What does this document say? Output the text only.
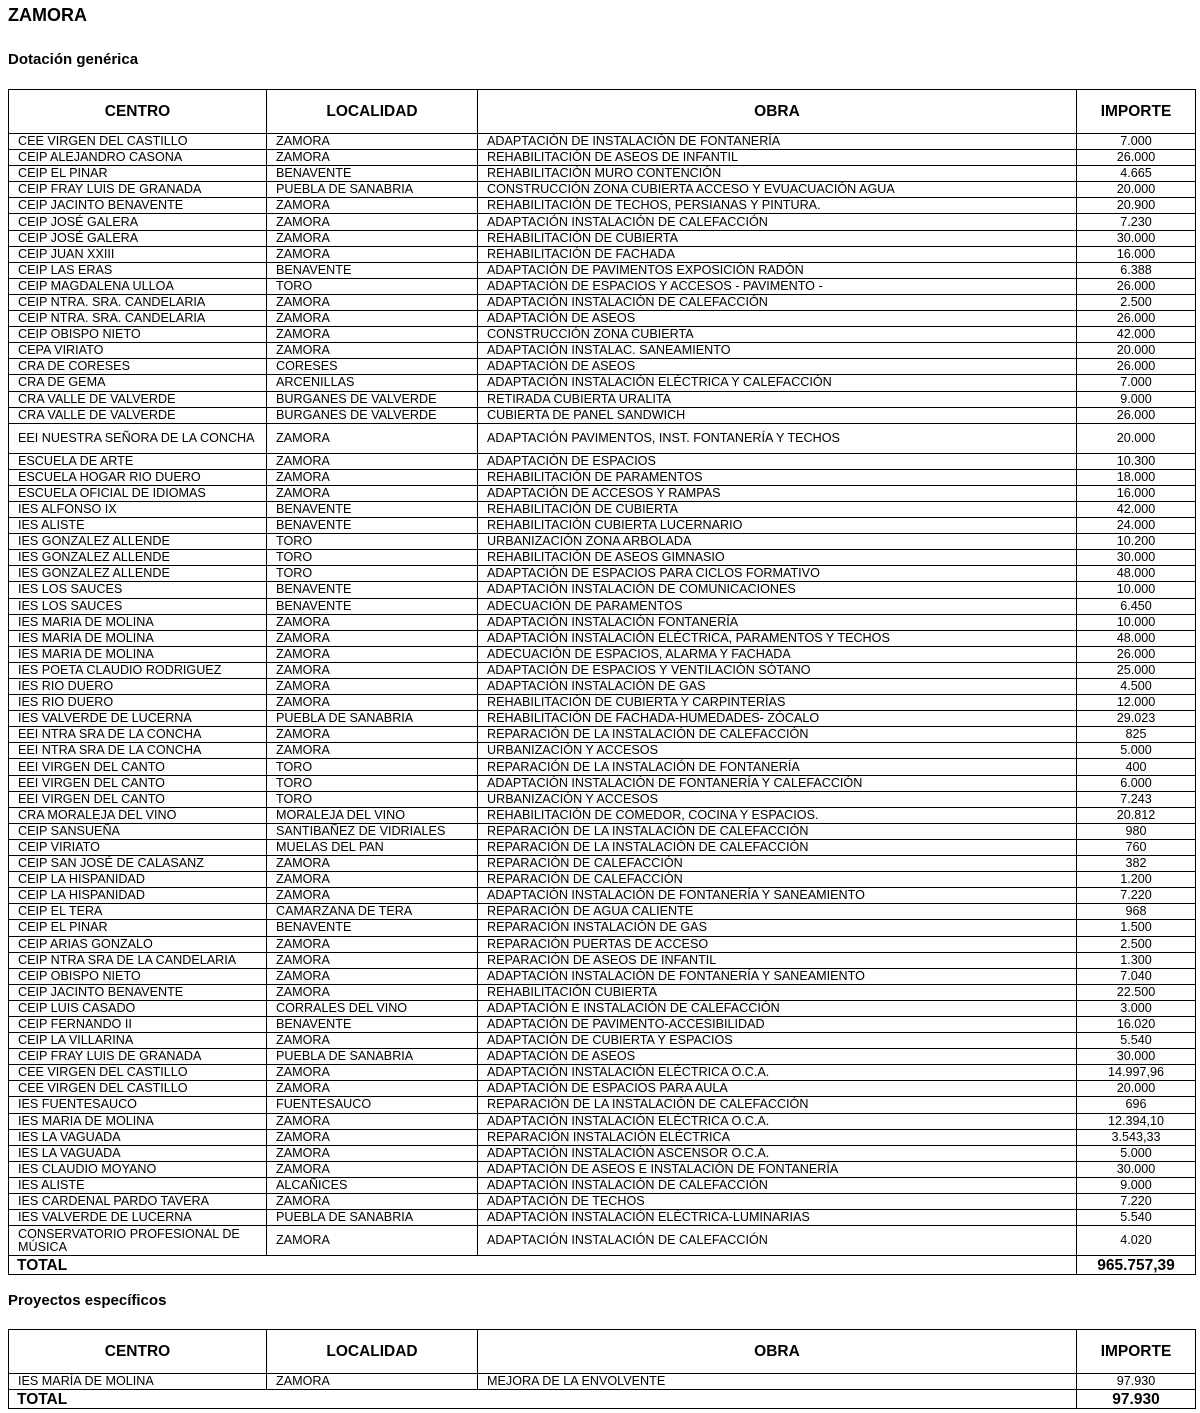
ZAMORA
Dotación genérica
CENTRO	LOCALIDAD	OBRA	IMPORTE
CEE VIRGEN DEL CASTILLO	ZAMORA	ADAPTACIÓN DE INSTALACIÓN DE FONTANERÍA	7.000
CEIP ALEJANDRO CASONA	ZAMORA	REHABILITACIÓN DE ASEOS DE INFANTIL	26.000
CEIP EL PINAR	BENAVENTE	REHABILITACIÓN MURO CONTENCIÓN	4.665
CEIP FRAY LUIS DE GRANADA	PUEBLA DE SANABRIA	CONSTRUCCIÓN ZONA CUBIERTA ACCESO Y EVUACUACIÓN AGUA	20.000
CEIP JACINTO BENAVENTE	ZAMORA	REHABILITACIÓN DE TECHOS, PERSIANAS Y PINTURA.	20.900
CEIP JOSÉ GALERA	ZAMORA	ADAPTACIÓN INSTALACIÓN DE CALEFACCIÓN	7.230
CEIP JOSÉ GALERA	ZAMORA	REHABILITACIÓN DE CUBIERTA	30.000
CEIP JUAN XXIII	ZAMORA	REHABILITACIÓN DE FACHADA	16.000
CEIP LAS ERAS	BENAVENTE	ADAPTACIÓN DE PAVIMENTOS EXPOSICIÓN RADÓN	6.388
CEIP MAGDALENA ULLOA	TORO	ADAPTACIÓN DE ESPACIOS Y ACCESOS - PAVIMENTO -	26.000
CEIP NTRA. SRA. CANDELARIA	ZAMORA	ADAPTACIÓN INSTALACIÓN DE CALEFACCIÓN	2.500
CEIP NTRA. SRA. CANDELARIA	ZAMORA	ADAPTACIÓN DE ASEOS	26.000
CEIP OBISPO NIETO	ZAMORA	CONSTRUCCIÓN ZONA CUBIERTA	42.000
CEPA VIRIATO	ZAMORA	ADAPTACIÓN INSTALAC. SANEAMIENTO	20.000
CRA DE CORESES	CORESES	ADAPTACIÓN DE ASEOS	26.000
CRA DE GEMA	ARCENILLAS	ADAPTACIÓN INSTALACIÓN ELÉCTRICA Y CALEFACCIÓN	7.000
CRA VALLE DE VALVERDE	BURGANES DE VALVERDE	RETIRADA CUBIERTA URALITA	9.000
CRA VALLE DE VALVERDE	BURGANES DE VALVERDE	CUBIERTA DE PANEL SANDWICH	26.000
EEI NUESTRA SEÑORA DE LA CONCHA	ZAMORA	ADAPTACIÓN PAVIMENTOS, INST. FONTANERÍA Y TECHOS	20.000
ESCUELA DE ARTE	ZAMORA	ADAPTACIÓN DE ESPACIOS	10.300
ESCUELA HOGAR RIO DUERO	ZAMORA	REHABILITACIÓN DE PARAMENTOS	18.000
ESCUELA OFICIAL DE IDIOMAS	ZAMORA	ADAPTACIÓN DE ACCESOS Y RAMPAS	16.000
IES ALFONSO IX	BENAVENTE	REHABILITACIÓN DE CUBIERTA	42.000
IES ALISTE	BENAVENTE	REHABILITACIÓN CUBIERTA LUCERNARIO	24.000
IES GONZALEZ ALLENDE	TORO	URBANIZACIÓN ZONA ARBOLADA	10.200
IES GONZALEZ ALLENDE	TORO	REHABILITACIÓN DE ASEOS GIMNASIO	30.000
IES GONZALEZ ALLENDE	TORO	ADAPTACIÓN DE ESPACIOS PARA CICLOS FORMATIVO	48.000
IES LOS SAUCES	BENAVENTE	ADAPTACIÓN INSTALACIÓN DE COMUNICACIONES	10.000
IES LOS SAUCES	BENAVENTE	ADECUACIÓN DE PARAMENTOS	6.450
IES MARIA DE MOLINA	ZAMORA	ADAPTACIÓN INSTALACIÓN FONTANERÍA	10.000
IES MARIA DE MOLINA	ZAMORA	ADAPTACIÓN INSTALACIÓN ELÉCTRICA, PARAMENTOS Y TECHOS	48.000
IES MARIA DE MOLINA	ZAMORA	ADECUACIÓN DE ESPACIOS, ALARMA Y FACHADA	26.000
IES POETA CLAUDIO RODRIGUEZ	ZAMORA	ADAPTACIÓN DE ESPACIOS Y VENTILACIÓN SÓTANO	25.000
IES RIO DUERO	ZAMORA	ADAPTACIÓN INSTALACIÓN DE GAS	4.500
IES RIO DUERO	ZAMORA	REHABILITACIÓN DE CUBIERTA Y CARPINTERÍAS	12.000
IES VALVERDE DE LUCERNA	PUEBLA DE SANABRIA	REHABILITACIÓN DE FACHADA-HUMEDADES- ZÓCALO	29.023
EEI NTRA SRA DE LA CONCHA	ZAMORA	REPARACIÓN DE LA INSTALACIÓN DE CALEFACCIÓN	825
EEI NTRA SRA DE LA CONCHA	ZAMORA	URBANIZACIÓN Y ACCESOS	5.000
EEI VIRGEN DEL CANTO	TORO	REPARACIÓN DE LA INSTALACIÓN DE FONTANERÍA	400
EEI VIRGEN DEL CANTO	TORO	ADAPTACIÓN INSTALACIÓN DE FONTANERÍA Y CALEFACCIÓN	6.000
EEI VIRGEN DEL CANTO	TORO	URBANIZACIÓN Y ACCESOS	7.243
CRA MORALEJA DEL VINO	MORALEJA DEL VINO	REHABILITACIÓN DE COMEDOR, COCINA Y ESPACIOS.	20.812
CEIP SANSUEÑA	SANTIBAÑEZ DE VIDRIALES	REPARACIÓN DE LA INSTALACIÓN DE CALEFACCIÓN	980
CEIP VIRIATO	MUELAS DEL PAN	REPARACIÓN DE LA INSTALACIÓN DE CALEFACCIÓN	760
CEIP SAN JOSÉ DE CALASANZ	ZAMORA	REPARACIÓN DE CALEFACCIÓN	382
CEIP LA HISPANIDAD	ZAMORA	REPARACIÓN DE CALEFACCIÓN	1.200
CEIP LA HISPANIDAD	ZAMORA	ADAPTACIÓN INSTALACIÓN DE FONTANERÍA Y SANEAMIENTO	7.220
CEIP EL TERA	CAMARZANA DE TERA	REPARACIÓN DE AGUA CALIENTE	968
CEIP EL PINAR	BENAVENTE	REPARACIÓN INSTALACIÓN DE GAS	1.500
CEIP ARIAS GONZALO	ZAMORA	REPARACIÓN PUERTAS DE ACCESO	2.500
CEIP NTRA SRA DE LA CANDELARIA	ZAMORA	REPARACIÓN DE ASEOS DE INFANTIL	1.300
CEIP OBISPO NIETO	ZAMORA	ADAPTACIÓN INSTALACIÓN DE FONTANERÍA Y SANEAMIENTO	7.040
CEIP JACINTO BENAVENTE	ZAMORA	REHABILITACIÓN CUBIERTA	22.500
CEIP LUIS CASADO	CORRALES DEL VINO	ADAPTACIÓN E INSTALACIÓN DE CALEFACCIÓN	3.000
CEIP FERNANDO II	BENAVENTE	ADAPTACIÓN DE PAVIMENTO-ACCESIBILIDAD	16.020
CEIP LA VILLARINA	ZAMORA	ADAPTACIÓN DE CUBIERTA Y ESPACIOS	5.540
CEIP FRAY LUIS DE GRANADA	PUEBLA DE SANABRIA	ADAPTACIÓN DE ASEOS	30.000
CEE VIRGEN DEL CASTILLO	ZAMORA	ADAPTACIÓN INSTALACIÓN ELÉCTRICA O.C.A.	14.997,96
CEE VIRGEN DEL CASTILLO	ZAMORA	ADAPTACIÓN DE ESPACIOS PARA AULA	20.000
IES FUENTESAUCO	FUENTESAUCO	REPARACIÓN DE LA INSTALACIÓN DE CALEFACCIÓN	696
IES MARIA DE MOLINA	ZAMORA	ADAPTACIÓN INSTALACIÓN ELÉCTRICA O.C.A.	12.394,10
IES LA VAGUADA	ZAMORA	REPARACIÓN INSTALACIÓN ELÉCTRICA	3.543,33
IES LA VAGUADA	ZAMORA	ADAPTACIÓN INSTALACIÓN ASCENSOR O.C.A.	5.000
IES CLAUDIO MOYANO	ZAMORA	ADAPTACIÓN DE ASEOS E INSTALACIÓN DE FONTANERÍA	30.000
IES ALISTE	ALCAÑICES	ADAPTACIÓN INSTALACIÓN DE CALEFACCIÓN	9.000
IES CARDENAL PARDO TAVERA	ZAMORA	ADAPTACIÓN DE TECHOS	7.220
IES VALVERDE DE LUCERNA	PUEBLA DE SANABRIA	ADAPTACIÓN INSTALACIÓN ELÉCTRICA-LUMINARIAS	5.540
CONSERVATORIO PROFESIONAL DE MÚSICA	ZAMORA	ADAPTACIÓN INSTALACIÓN DE CALEFACCIÓN	4.020
TOTAL			965.757,39
Proyectos específicos
CENTRO	LOCALIDAD	OBRA	IMPORTE
IES MARÍA DE MOLINA	ZAMORA	MEJORA DE LA ENVOLVENTE	97.930
TOTAL			97.930
